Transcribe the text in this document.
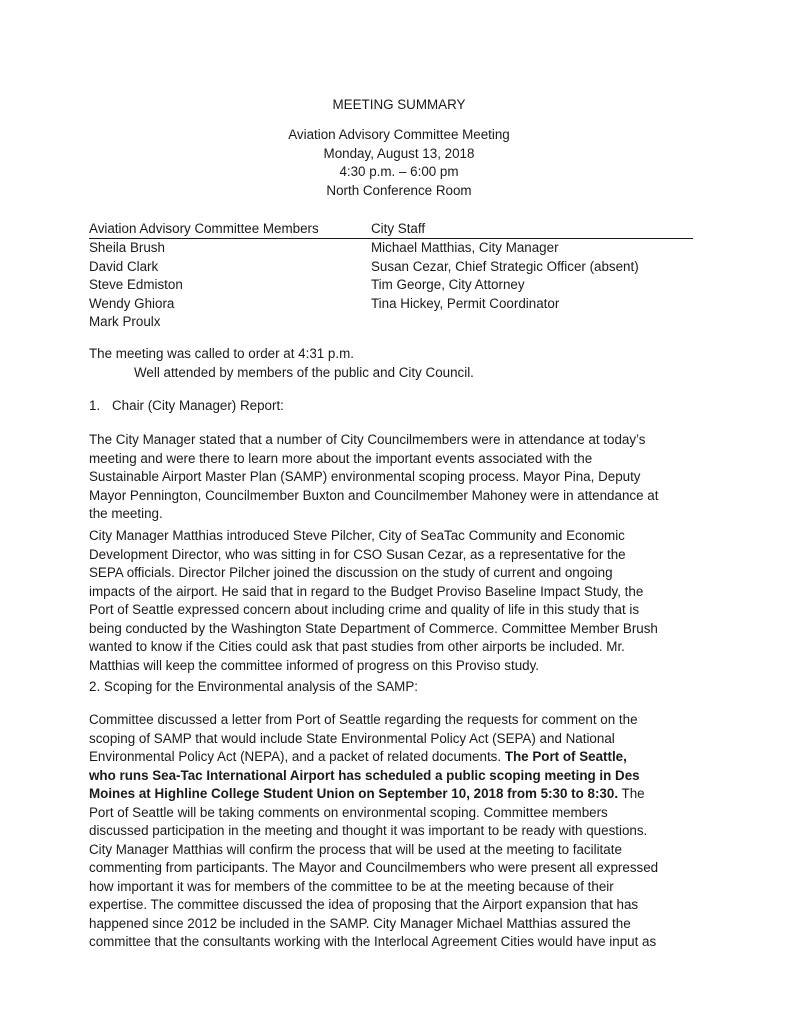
MEETING SUMMARY
Aviation Advisory Committee Meeting
Monday, August 13, 2018
4:30 p.m. – 6:00 pm
North Conference Room
Aviation Advisory Committee Members	City Staff
Sheila Brush
David Clark
Steve Edmiston
Wendy Ghiora
Mark Proulx
Michael Matthias, City Manager
Susan Cezar, Chief Strategic Officer (absent)
Tim George, City Attorney
Tina Hickey, Permit Coordinator
The meeting was called to order at 4:31 p.m.
Well attended by members of the public and City Council.
1. Chair (City Manager) Report:
The City Manager stated that a number of City Councilmembers were in attendance at today’s
meeting and were there to learn more about the important events associated with the
Sustainable Airport Master Plan (SAMP) environmental scoping process. Mayor Pina, Deputy
Mayor Pennington, Councilmember Buxton and Councilmember Mahoney were in attendance at
the meeting.
City Manager Matthias introduced Steve Pilcher, City of SeaTac Community and Economic
Development Director, who was sitting in for CSO Susan Cezar, as a representative for the
SEPA officials. Director Pilcher joined the discussion on the study of current and ongoing
impacts of the airport. He said that in regard to the Budget Proviso Baseline Impact Study, the
Port of Seattle expressed concern about including crime and quality of life in this study that is
being conducted by the Washington State Department of Commerce. Committee Member Brush
wanted to know if the Cities could ask that past studies from other airports be included. Mr.
Matthias will keep the committee informed of progress on this Proviso study.
2. Scoping for the Environmental analysis of the SAMP:
Committee discussed a letter from Port of Seattle regarding the requests for comment on the
scoping of SAMP that would include State Environmental Policy Act (SEPA) and National
Environmental Policy Act (NEPA), and a packet of related documents. The Port of Seattle,
who runs Sea-Tac International Airport has scheduled a public scoping meeting in Des
Moines at Highline College Student Union on September 10, 2018 from 5:30 to 8:30. The
Port of Seattle will be taking comments on environmental scoping. Committee members
discussed participation in the meeting and thought it was important to be ready with questions.
City Manager Matthias will confirm the process that will be used at the meeting to facilitate
commenting from participants. The Mayor and Councilmembers who were present all expressed
how important it was for members of the committee to be at the meeting because of their
expertise. The committee discussed the idea of proposing that the Airport expansion that has
happened since 2012 be included in the SAMP. City Manager Michael Matthias assured the
committee that the consultants working with the Interlocal Agreement Cities would have input as
